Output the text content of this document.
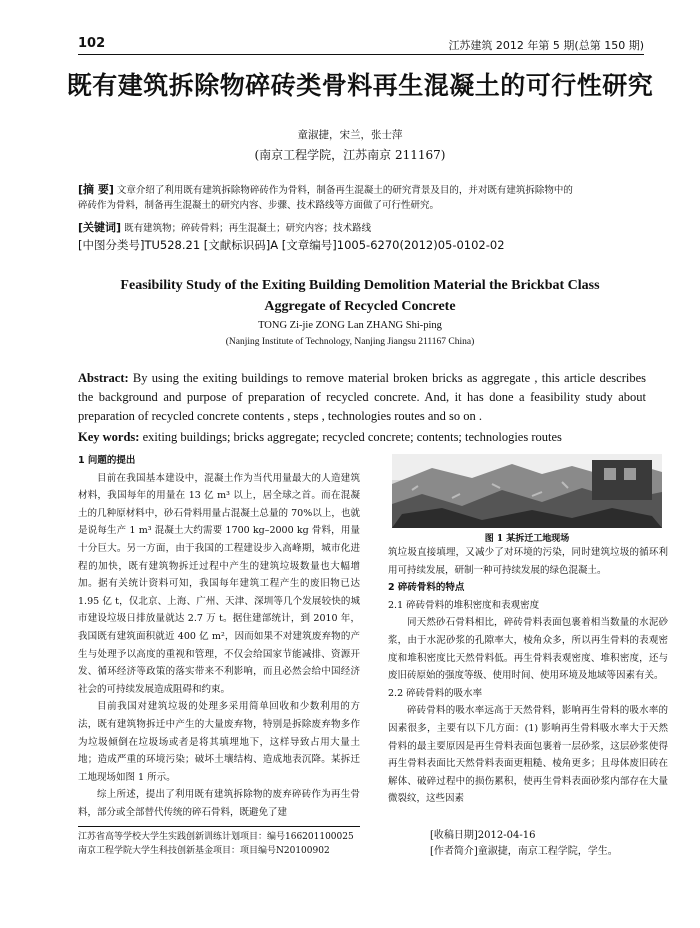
102	江苏建筑 2012 年第 5 期(总第 150 期)
既有建筑拆除物碎砖类骨料再生混凝土的可行性研究
童淑捷，宋兰，张士萍
(南京工程学院，江苏南京 211167)
[摘 要] 文章介绍了利用既有建筑拆除物碎砖作为骨料，制备再生混凝土的研究背景及目的，并对既有建筑拆除物中的
碎砖作为骨料，制备再生混凝土的研究内容、步骤、技术路线等方面做了可行性研究。
[关键词] 既有建筑物；碎砖骨料；再生混凝土；研究内容；技术路线
[中图分类号]TU528.21 [文献标识码]A [文章编号]1005-6270(2012)05-0102-02
Feasibility Study of the Exiting Building Demolition Material the Brickbat Class
Aggregate of Recycled Concrete
TONG Zi-jie ZONG Lan ZHANG Shi-ping
(Nanjing Institute of Technology, Nanjing Jiangsu 211167 China)
Abstract: By using the exiting buildings to remove material broken bricks as aggregate , this article describes the background and purpose of preparation of recycled concrete. And, it has done a feasibility study about preparation of recycled concrete contents , steps , technologies routes and so on .
Key words: exiting buildings; bricks aggregate; recycled concrete; contents; technologies routes

1 问题的提出

目前在我国基本建设中，混凝土作为当代用量最大的人造建筑材料，我国每年的用量在 13 亿 m³ 以上，居全球之首。而在混凝土的几种原材料中，砂石骨料用量占混凝土总量的 70%以上，也就是说每生产 1 m³ 混凝土大约需要 1700 kg–2000 kg 骨料，用量十分巨大。另一方面，由于我国的工程建设步入高峰期，城市化进程的加快，既有建筑物拆迁过程中产生的建筑垃圾数量也大幅增加。据有关统计资料可知，我国每年建筑工程产生的废旧物已达 1.95 亿 t，仅北京、上海、广州、天津、深圳等几个发展较快的城市建设垃圾日排放量就达 2.7 万 t。据住建部统计，到 2010 年，我国既有建筑面积就近 400 亿 m²，因而如果不对建筑废弃物的产生与处理予以高度的重视和管理，不仅会给国家节能减排、资源开发、循环经济等政策的落实带来不利影响，而且必然会给中国经济社会的可持续发展造成阻碍和约束。

目前我国对建筑垃圾的处理多采用简单回收和少数利用的方法，既有建筑物拆迁中产生的大量废弃物，特别是拆除废弃物多作为垃圾倾倒在垃圾场或者是将其填埋地下，这样导致占用大量土地；造成严重的环境污染；破坏土壤结构、造成地表沉降。某拆迁工地现场如图 1 所示。

综上所述，提出了利用既有建筑拆除物的废弃碎砖作为再生骨料，部分或全部替代传统的碎石骨料，既避免了建

图 1 某拆迁工地现场

筑垃圾直接填埋，又减少了对环境的污染，同时建筑垃圾的循环利用可持续发展，研制一种可持续发展的绿色混凝土。

2 碎砖骨料的特点

2.1 碎砖骨料的堆积密度和表观密度

同天然砂石骨料相比，碎砖骨料表面包裹着相当数量的水泥砂浆，由于水泥砂浆的孔隙率大，棱角众多，所以再生骨料的表观密度和堆积密度比天然骨料低。再生骨料表观密度、堆积密度，还与废旧砖原始的强度等级、使用时间、使用环境及地域等因素有关。

2.2 碎砖骨料的吸水率

碎砖骨料的吸水率远高于天然骨料，影响再生骨料的吸水率的因素很多，主要有以下几方面：(1) 影响再生骨料吸水率大于天然骨料的最主要原因是再生骨料表面包裹着一层砂浆，这层砂浆使得再生骨料表面比天然骨料表面更粗糙、棱角更多；且母体废旧砖在解体、破碎过程中的损伤累积，使再生骨料表面砂浆内部存在大量微裂纹，这些因素

江苏省高等学校大学生实践创新训练计划项目：编号166201100025
南京工程学院大学生科技创新基金项目：项目编号N20100902
[收稿日期]2012-04-16
[作者简介]童淑捷，南京工程学院，学生。
